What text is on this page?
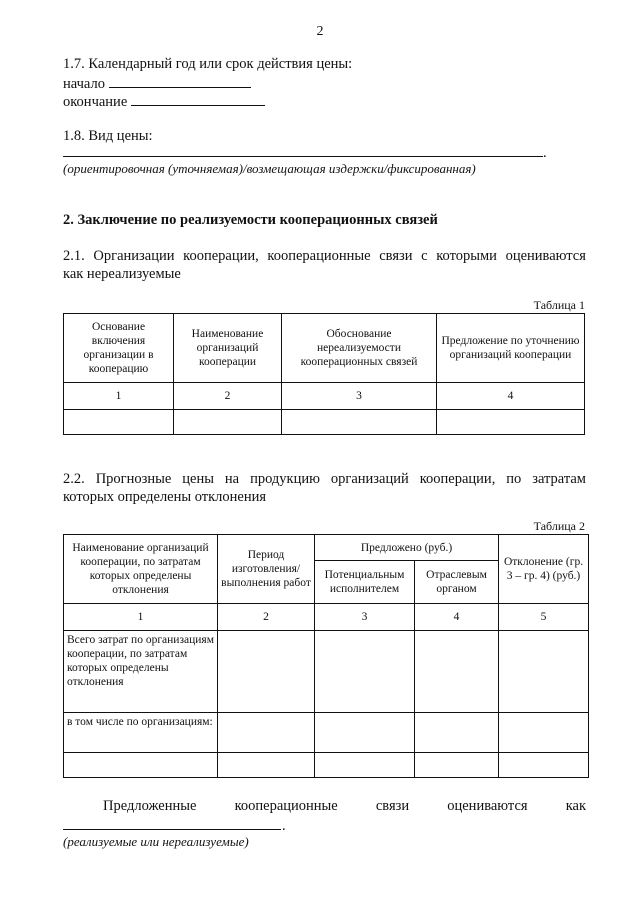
2
1.7. Календарный год или срок действия цены:
начало
окончание
1.8. Вид цены:
.
(ориентировочная (уточняемая)/возмещающая издержки/фиксированная)
2. Заключение по реализуемости кооперационных связей
2.1. Организации кооперации, кооперационные связи с которыми оцениваются
как нереализуемые
Таблица 1
Основание включения организации в кооперацию	Наименование организаций кооперации	Обоснование нереализуемости кооперационных связей	Предложение по уточнению организаций кооперации
1	2	3	4

2.2. Прогнозные цены на продукцию организаций кооперации, по затратам
которых определены отклонения
Таблица 2
Наименование организаций кооперации, по затратам которых определены отклонения	Период изготовления/ выполнения работ	Предложено (руб.)		Отклонение (гр. 3 – гр. 4) (руб.)
		Потенциальным исполнителем	Отраслевым органом	
1	2	3	4	5
Всего затрат по организациям кооперации, по затратам которых определены отклонения				
в том числе по организациям:				

Предложенные	кооперационные	связи	оцениваются	как
.
(реализуемые или нереализуемые)
